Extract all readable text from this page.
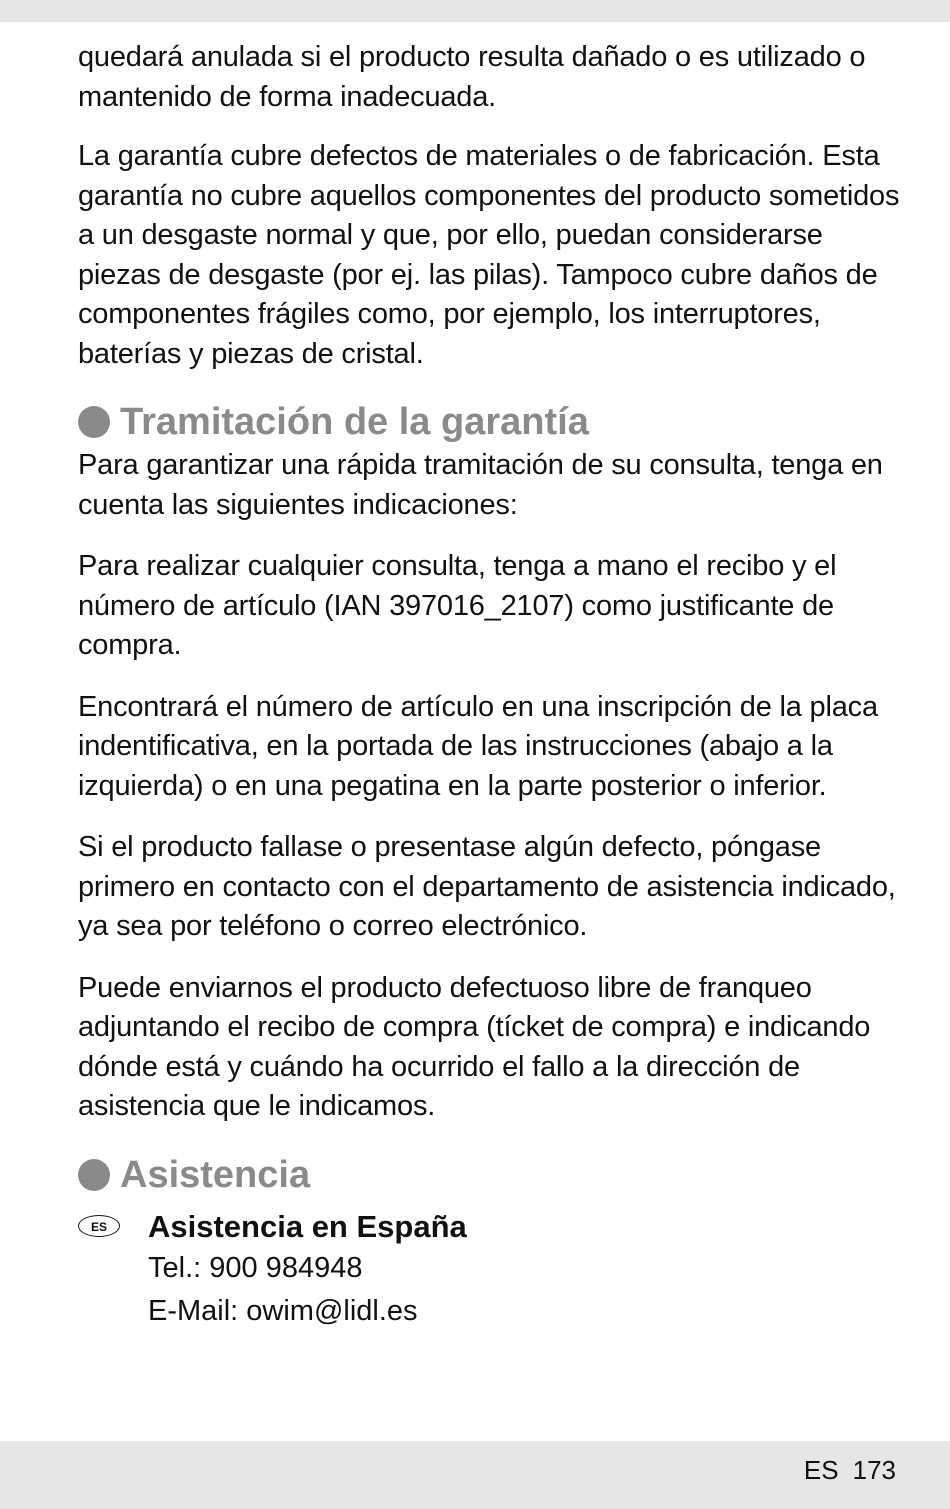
quedará anulada si el producto resulta dañado o es utilizado o mantenido de forma inadecuada.

La garantía cubre defectos de materiales o de fabricación. Esta garantía no cubre aquellos componentes del producto sometidos a un desgaste normal y que, por ello, puedan considerarse piezas de desgaste (por ej. las pilas). Tampoco cubre daños de componentes frágiles como, por ejemplo, los interruptores, baterías y piezas de cristal.

Tramitación de la garantía

Para garantizar una rápida tramitación de su consulta, tenga en cuenta las siguientes indicaciones:

Para realizar cualquier consulta, tenga a mano el recibo y el número de artículo (IAN 397016_2107) como justificante de compra.

Encontrará el número de artículo en una inscripción de la placa indentificativa, en la portada de las instrucciones (abajo a la izquierda) o en una pegatina en la parte posterior o inferior.

Si el producto fallase o presentase algún defecto, póngase primero en contacto con el departamento de asistencia indicado, ya sea por teléfono o correo electrónico.

Puede enviarnos el producto defectuoso libre de franqueo adjuntando el recibo de compra (tícket de compra) e indicando dónde está y cuándo ha ocurrido el fallo a la dirección de asistencia que le indicamos.

Asistencia
ES	Asistencia en España

Tel.: 900 984948

E-Mail: owim@lidl.es

ES 173
